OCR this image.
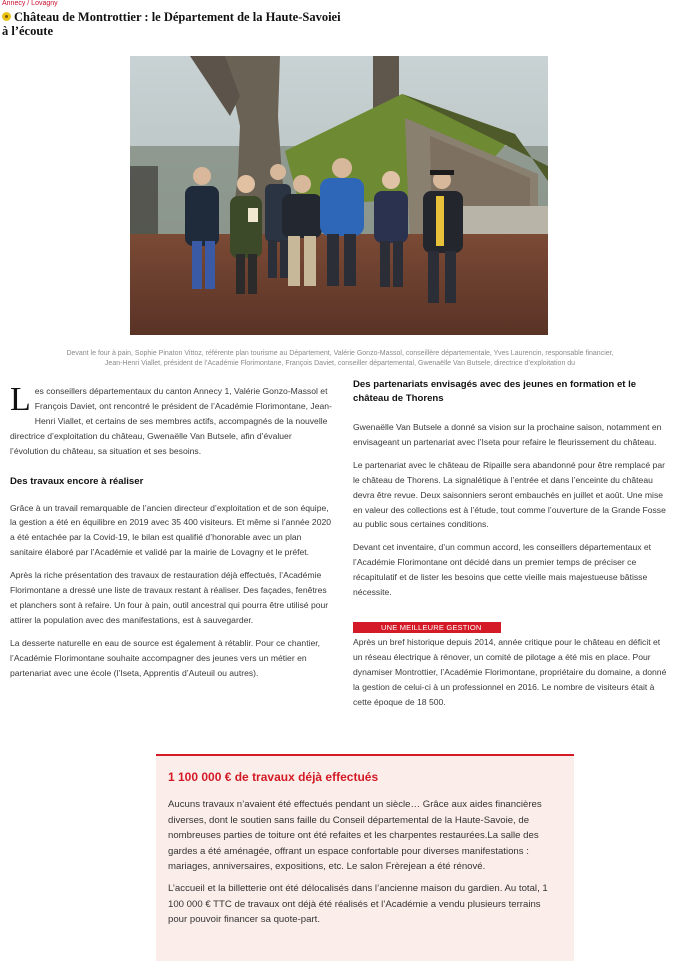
Annecy / Lovagny
Château de Montrottier : le Département de la Haute-Savoiei à l’écoute
Devant le four à pain, Sophie Pinaton Vittoz, référente plan tourisme au Département, Valérie Gonzo-Massol, conseillère départementale, Yves Laurencin, responsable financier, Jean-Henri Viallet, président de l’Académie Florimontane, François Daviet, conseiller départemental, Gwenaëlle Van Butsele, directrice d’exploitation du

Les conseillers départementaux du canton Annecy 1, Valérie Gonzo-Massol et François Daviet, ont rencontré le président de l’Académie Florimontane, Jean-Henri Viallet, et certains de ses membres actifs, accompagnés de la nouvelle directrice d’exploitation du château, Gwenaëlle Van Butsele, afin d’évaluer l’évolution du château, sa situation et ses besoins.

Des travaux encore à réaliser

Grâce à un travail remarquable de l’ancien directeur d’exploitation et de son équipe, la gestion a été en équilibre en 2019 avec 35 400 visiteurs. Et même si l’année 2020 a été entachée par la Covid-19, le bilan est qualifié d’honorable avec un plan sanitaire élaboré par l’Académie et validé par la mairie de Lovagny et le préfet.

Après la riche présentation des travaux de restauration déjà effectués, l’Académie Florimontane a dressé une liste de travaux restant à réaliser. Des façades, fenêtres et planchers sont à refaire. Un four à pain, outil ancestral qui pourra être utilisé pour attirer la population avec des manifestations, est à sauvegarder.

La desserte naturelle en eau de source est également à rétablir. Pour ce chantier, l’Académie Florimontane souhaite accompagner des jeunes vers un métier en partenariat avec une école (l’Iseta, Apprentis d’Auteuil ou autres).

Des partenariats envisagés avec des jeunes en formation et le château de Thorens

Gwenaëlle Van Butsele a donné sa vision sur la prochaine saison, notamment en envisageant un partenariat avec l’Iseta pour refaire le fleurissement du château.

Le partenariat avec le château de Ripaille sera abandonné pour être remplacé par le château de Thorens. La signalétique à l’entrée et dans l’enceinte du château devra être revue. Deux saisonniers seront embauchés en juillet et août. Une mise en valeur des collections est à l’étude, tout comme l’ouverture de la Grande Fosse au public sous certaines conditions.

Devant cet inventaire, d’un commun accord, les conseillers départementaux et l’Académie Florimontane ont décidé dans un premier temps de préciser ce récapitulatif et de lister les besoins que cette vieille mais majestueuse bâtisse nécessite.

UNE MEILLEURE GESTION

Après un bref historique depuis 2014, année critique pour le château en déficit et un réseau électrique à rénover, un comité de pilotage a été mis en place. Pour dynamiser Montrottier, l’Académie Florimontane, propriétaire du domaine, a donné la gestion de celui-ci à un professionnel en 2016. Le nombre de visiteurs était à cette époque de 18 500.

1 100 000 € de travaux déjà effectués

Aucuns travaux n’avaient été effectués pendant un siècle… Grâce aux aides financières diverses, dont le soutien sans faille du Conseil départemental de la Haute-Savoie, de nombreuses parties de toiture ont été refaites et les charpentes restaurées.La salle des gardes a été aménagée, offrant un espace confortable pour diverses manifestations : mariages, anniversaires, expositions, etc. Le salon Frèrejean a été rénové.

L’accueil et la billetterie ont été délocalisés dans l’ancienne maison du gardien. Au total, 1 100 000 € TTC de travaux ont déjà été réalisés et l’Académie a vendu plusieurs terrains pour pouvoir financer sa quote-part.
